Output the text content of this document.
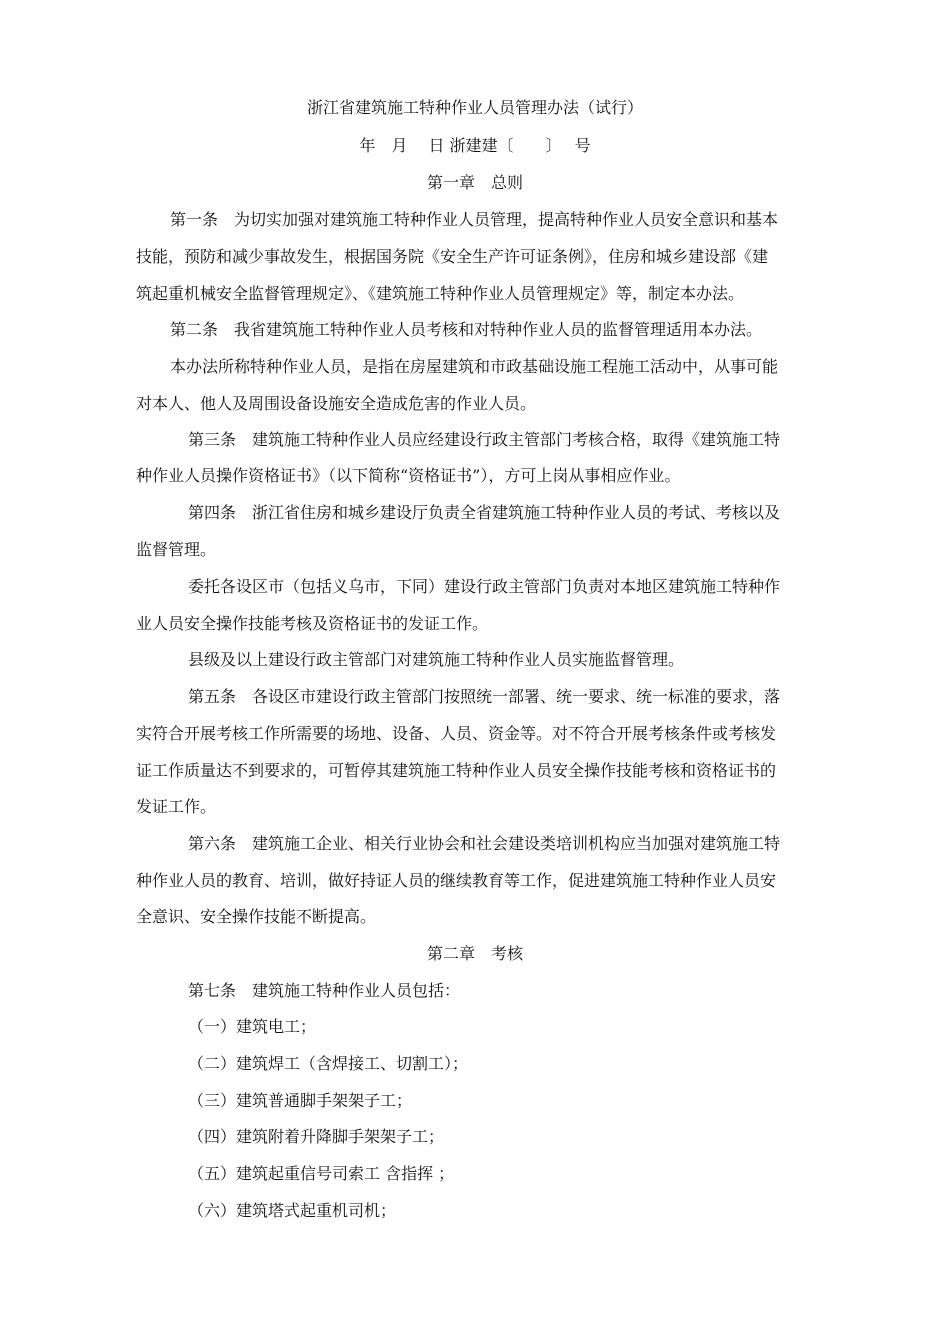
浙江省建筑施工特种作业人员管理办法（试行）
年　月　 日 浙建建〔　　〕　 号
第一章　总则
第一条　为切实加强对建筑施工特种作业人员管理，提高特种作业人员安全意识和基本
技能，预防和减少事故发生，根据国务院《安全生产许可证条例》，住房和城乡建设部《建
筑起重机械安全监督管理规定》、《建筑施工特种作业人员管理规定》等，制定本办法。
第二条　我省建筑施工特种作业人员考核和对特种作业人员的监督管理适用本办法。
本办法所称特种作业人员，是指在房屋建筑和市政基础设施工程施工活动中，从事可能
对本人、他人及周围设备设施安全造成危害的作业人员。
第三条　建筑施工特种作业人员应经建设行政主管部门考核合格，取得《建筑施工特
种作业人员操作资格证书》（以下简称“资格证书”），方可上岗从事相应作业。
第四条　浙江省住房和城乡建设厅负责全省建筑施工特种作业人员的考试、考核以及
监督管理。
委托各设区市（包括义乌市，下同）建设行政主管部门负责对本地区建筑施工特种作
业人员安全操作技能考核及资格证书的发证工作。
县级及以上建设行政主管部门对建筑施工特种作业人员实施监督管理。
第五条　各设区市建设行政主管部门按照统一部署、统一要求、统一标准的要求，落
实符合开展考核工作所需要的场地、设备、人员、资金等。对不符合开展考核条件或考核发
证工作质量达不到要求的，可暂停其建筑施工特种作业人员安全操作技能考核和资格证书的
发证工作。
第六条　建筑施工企业、相关行业协会和社会建设类培训机构应当加强对建筑施工特
种作业人员的教育、培训，做好持证人员的继续教育等工作，促进建筑施工特种作业人员安
全意识、安全操作技能不断提高。
第二章　考核
第七条　建筑施工特种作业人员包括：
（一）建筑电工；
（二）建筑焊工（含焊接工、切割工）；
（三）建筑普通脚手架架子工；
（四）建筑附着升降脚手架架子工；
（五）建筑起重信号司索工 含指挥 ；
（六）建筑塔式起重机司机；
